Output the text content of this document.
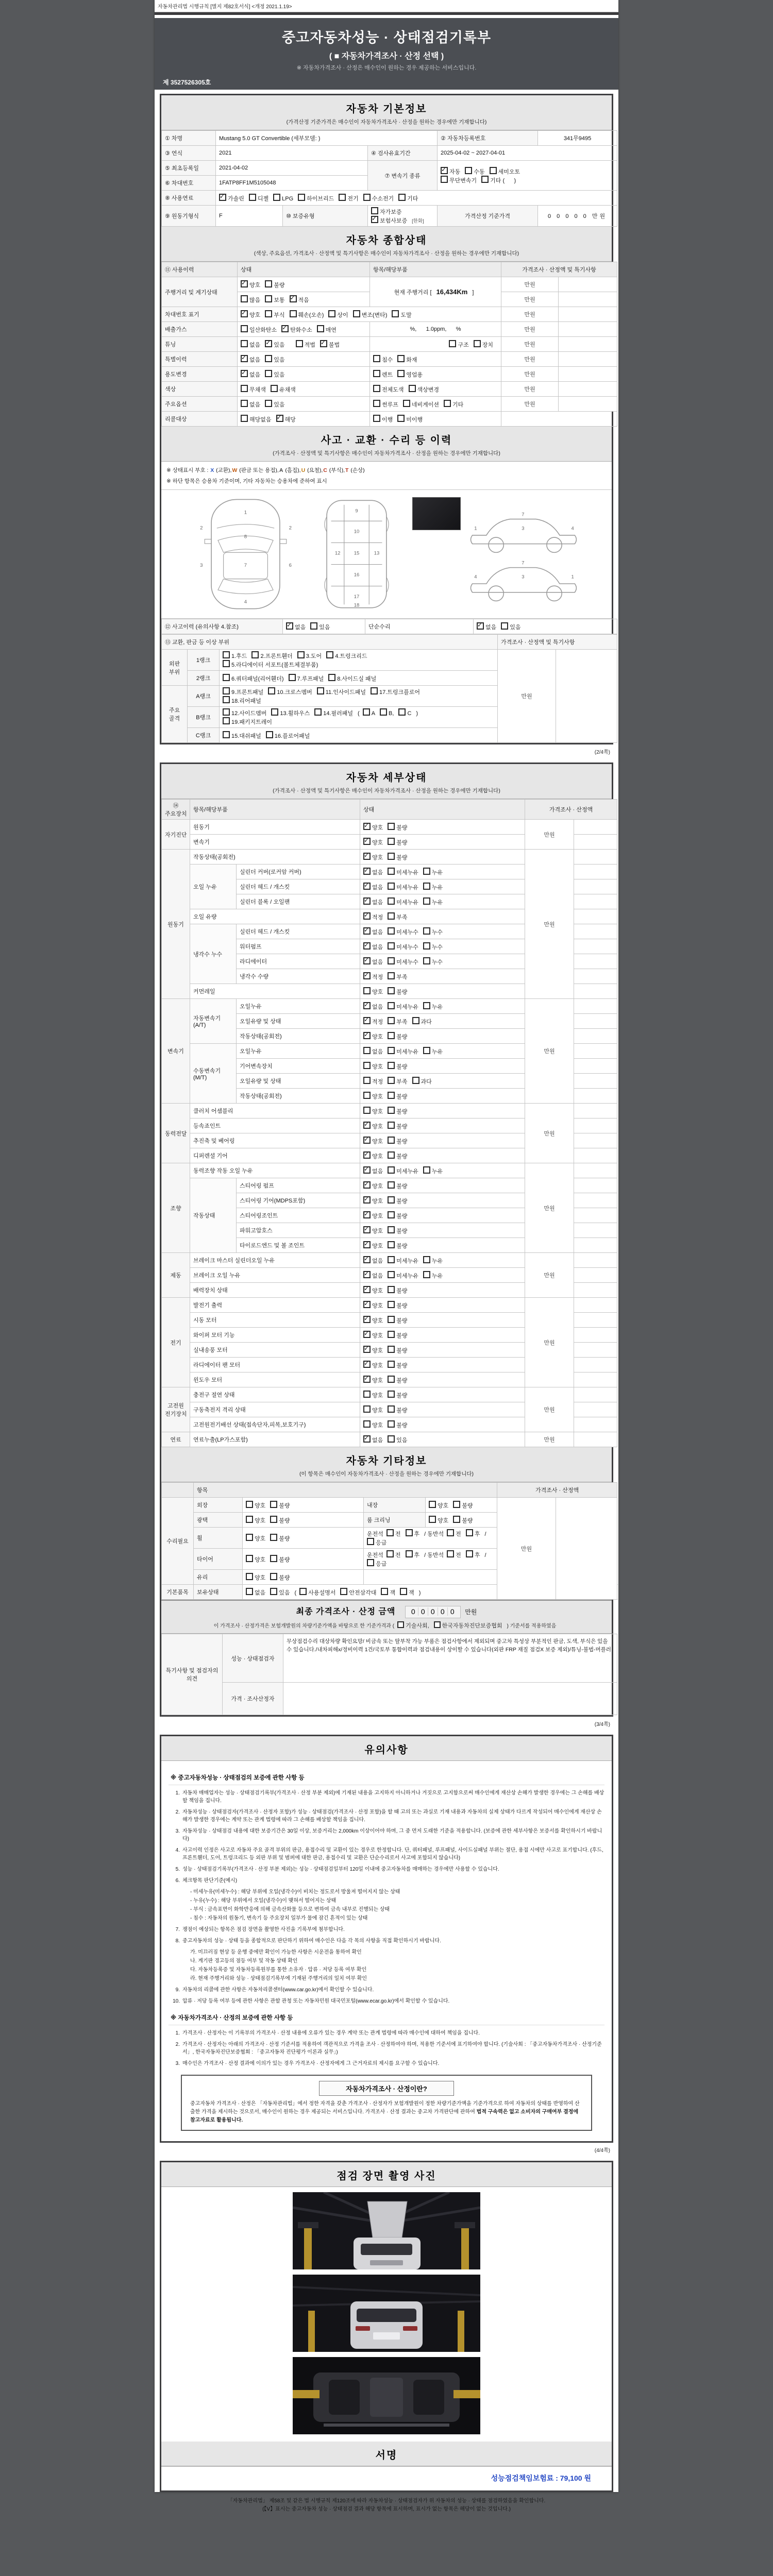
자동차관리법 시행규칙 [별지 제82호서식] <개정 2021.1.19>
중고자동차성능 · 상태점검기록부
( ■ 자동차가격조사 · 산정 선택 )
※ 자동차가격조사 · 산정은 매수인이 원하는 경우 제공하는 서비스입니다.
제 3527526305호
자동차 기본정보
(가격산정 기준가격은 매수인이 자동차가격조사 · 산정을 원하는 경우에만 기재합니다)
① 차명	Mustang 5.0 GT Convertible (세부모델: )			② 자동차등록번호	341무9495
③ 연식	2021		④ 검사유효기간	2025-04-02 ~ 2027-04-01	
⑤ 최초등록일	2021-04-02		⑦ 변속기 종류	✓자동 수동 세미오토
무단변속기 기타 (      )
⑥ 차대번호	1FATP8FF1M5105048				
⑧ 사용연료	✓가솔린 디젤 LPG 하이브리드 전기 수소전기 기타
⑨ 원동기형식	F	⑩ 보증유형	자가보증✓보험사보증 [한화]	가격산정 기준가격	0 0 0 0 0 만원
자동차 종합상태
(색상, 주요옵션, 가격조사 · 산정액 및 특기사항은 매수인이 자동차가격조사 · 산정을 원하는 경우에만 기재합니다)
⑪ 사용이력	상태	항목/해당부품	가격조사 · 산정액 및 특기사항	
주행거리 및 계기상태	✓양호 불량	현재 주행거리 [ 16,434Km ]	만원	
	많음 보통 ✓ 적음		만원	
차대번호 표기	✓양호 부식 훼손(오손) 상이 변조(변타) 도말		만원	
배출가스	일산화탄소 ✓ 탄화수소 매연	%,      1.0ppm,      %	만원	
튜닝	없음 ✓ 있음 적법 ✓ 불법	구조 장치	만원	
특별이력	✓없음 있음	침수 화재	만원	
용도변경	✓없음 있음	렌트 영업용	만원	
색상	무채색 유채색	전체도색 색상변경	만원	
주요옵션	없음 있음	썬루프 네비게이션 기타	만원	
리콜대상	해당없음 ✓ 해당	이행 미이행		
사고 · 교환 · 수리 등 이력
(가격조사 · 산정액 및 특기사항은 매수인이 자동차가격조사 · 산정을 원하는 경우에만 기재합니다)
※ 상태표시 부호 : X (교환),W (판금 또는 용접),A (흠집),U (요철),C (부식),T (손상)
※ 하단 항목은 승용차 기준이며, 기타 자동차는 승용차에 준하여 표시
1
7
4
2
3
2
6
8
9
10
15
16
17
12	13
18
7
3
1	4
7
3
4	1
⑫ 사고이력 (유의사항 4.참조)	✓없음 있음	단순수리	✓없음 있음
⑬ 교환, 판금 등 이상 부위			가격조사 · 산정액 및 특기사항	
외판 부위	1랭크	1.후드 2.프론트휀더 3.도어 4.트렁크리드
5.라디에이터 서포트(볼트체결부품)	만원	
	2랭크	6.쿼터패널(리어휀더) 7.루프패널 8.사이드실 패널		
주요 골격	A랭크	9.프론트패널 10.크로스멤버 11.인사이드패널 17.트렁크플로어
18.리어패널		
	B랭크	12.사이드멤버 13.휠하우스 14.필러패널 ( A B, C )
19.패키지트레이		
	C랭크	15.대쉬패널 16.플로어패널		
(2/4쪽)
자동차 세부상태
(가격조사 · 산정액 및 특기사항은 매수인이 자동차가격조사 · 산정을 원하는 경우에만 기재합니다)
⑭ 주요장치	항목/해당부품		상태	가격조사 · 산정액	
자기진단	원동기	✓양호 불량	만원	
	변속기	✓양호 불량	
원동기	작동상태(공회전)	✓양호 불량	만원	
	오일 누유	실린더 커버(로커암 커버)	✓없음 미세누유 누유	
		실린더 헤드 / 개스킷	✓없음 미세누유 누유	
		실린더 블록 / 오일팬	✓없음 미세누유 누유	
	오일 유량	✓적정 부족	
	냉각수 누수	실린더 헤드 / 개스킷	✓없음 미세누수 누수	
		워터펌프	✓없음 미세누수 누수	
		라디에이터	✓없음 미세누수 누수	
		냉각수 수량	✓적정 부족	
	커먼레일		양호 불량		
변속기	자동변속기 (A/T)	오일누유	✓없음 미세누유 누유	만원	
		오일유량 및 상태	✓적정 부족 과다	
		작동상태(공회전)	✓양호 불량	
	수동변속기 (M/T)	오일누유	없음 미세누유 누유		
		기어변속장치	양호 불량		
		오일유량 및 상태	적정 부족 과다		
		작동상태(공회전)	양호 불량		
동력전달	클러치 어셈블리		양호 불량	만원	
	등속죠인트	✓양호 불량	
	추진축 및 베어링	✓양호 불량	
	디퍼렌셜 기어	✓양호 불량	
조향	동력조향 작동 오일 누유	✓없음 미세누유 누유	만원	
	작동상태	스티어링 펌프	✓양호 불량	
		스티어링 기어(MDPS포함)	✓양호 불량	
		스티어링조인트	✓양호 불량	
		파워고압호스	✓양호 불량	
		타이로드엔드 및 볼 조인트	✓양호 불량	
제동	브레이크 마스터 실린더오일 누유	✓없음 미세누유 누유	만원	
	브레이크 오일 누유	✓없음 미세누유 누유	
	배력장치 상태	✓양호 불량	
전기	발전기 출력	✓양호 불량	만원	
	시동 모터	✓양호 불량	
	와이퍼 모터 기능	✓양호 불량	
	실내송풍 모터	✓양호 불량	
	라디에이터 팬 모터	✓양호 불량	
	윈도우 모터	✓양호 불량	
고전원 전기장치	충전구 절연 상태		양호 불량	만원	
	구동축전지 격리 상태		양호 불량		
	고전원전기배선 상태(접속단자,피복,보호기구)		양호 불량		
연료	연료누출(LP가스포함)	✓없음 있음	만원	
자동차 기타정보
(이 항목은 매수인이 자동차가격조사 · 산정을 원하는 경우에만 기재합니다)
	항목				가격조사 · 산정액		
수리필요	외장	양호 불량	내장	양호 불량	만원		
	광택	양호 불량	룸 크리닝	양호 불량			
	휠	양호 불량	운전석 전 후 / 동반석 전 후 /응급				
	타이어	양호 불량	운전석 전 후 / 동반석 전 후 /응급				
	유리	양호 불량					
기본품목	보유상태	없음 있음 ( 사용설명서 안전삼각대 잭 잭 )					
최종 가격조사 · 산정 금액 0 0 0 0 0 만원
이 가격조사 · 산정가격은 보험개발원의 차량기준가액을 바탕으로 한 기준가격과 ( 기술사회, 한국자동차진단보증협회 ) 기준서를 적용하였음
특기사항 및 점검자의 의견	성능 · 상태점검자	무상점검수리 대상차량 확인요망/ 비금속 또는 탈부착 가능 부품은 점검사항에서 제외되며 중고차 특성상 부분적인 판금, 도색, 부식은 있을 수 있습니다./내차피해x/정비이력 1건/국토부 통합이력과 점검내용이 상이할 수 있습니다(외판 FRP 재질 점검X 보증 제외)/튜닝-불법-머플러
	가격 · 조사산정자	
(3/4쪽)
유의사항
※ 중고자동차성능 · 상태점검의 보증에 관한 사항 등
1. 자동차 매매업자는 성능 · 상태점검기록부(가격조사 · 산정 부분 제외)에 기재된 내용을 고지하지 아니하거나 거짓으로 고지함으로써 매수인에게 재산상 손해가 발생한 경우에는 그 손해를 배상할 책임을 집니다.
2. 자동차성능 · 상태점검자(가격조사 · 산정자 포함)가 성능 · 상태점검(가격조사 · 산정 포함)을 할 때 고의 또는 과실로 기재 내용과 자동차의 실제 상태가 다르게 작성되어 매수인에게 재산상 손해가 발생한 경우에는 계약 또는 관계 법령에 따라 그 손해를 배상할 책임을 집니다.
3. 자동차성능 · 상태점검 내용에 대한 보증기간은 30일 이상, 보증거리는 2,000km 이상이어야 하며, 그 중 먼저 도래한 기준을 적용합니다. (보증에 관한 세부사항은 보증서를 확인하시기 바랍니다)
4. 사고이력 인정은 사고로 자동차 주요 골격 부위의 판금, 용접수리 및 교환이 있는 경우로 한정합니다. 단, 쿼터패널, 루프패널, 사이드실패널 부위는 절단, 용접 시에만 사고로 표기합니다. (후드, 프론트휀더, 도어, 트렁크리드 등 외판 부위 및 범퍼에 대한 판금, 용접수리 및 교환은 단순수리로서 사고에 포함되지 않습니다)
5. 성능 · 상태점검기록부(가격조사 · 산정 부분 제외)는 성능 · 상태점검일부터 120일 이내에 중고자동차를 매매하는 경우에만 사용할 수 있습니다.
6. 체크항목 판단기준(예시)
- 미세누유(미세누수) : 해당 부위에 오일(냉각수)이 비치는 정도로서 방울져 떨어지지 않는 상태
- 누유(누수) : 해당 부위에서 오일(냉각수)이 맺혀서 떨어지는 상태
- 부식 : 금속표면이 화학반응에 의해 금속산화물 등으로 변하여 금속 내부로 진행되는 상태
- 침수 : 자동차의 원동기, 변속기 등 주요장치 일부가 물에 잠긴 흔적이 있는 상태
7. 쟁점이 예상되는 항목은 점검 장면을 촬영한 사진을 기록부에 첨부합니다.
8. 중고자동차의 성능 · 상태 등을 종합적으로 판단하기 위하여 매수인은 다음 각 목의 사항을 직접 확인하시기 바랍니다.
가. 미끄러짐 현상 등 운행 중에만 확인이 가능한 사항은 시운전을 통하여 확인
나. 계기판 경고등의 점등 여부 및 작동 상태 확인
다. 자동차등록증 및 자동차등록원부를 통한 소유자 · 압류 · 저당 등록 여부 확인
라. 현재 주행거리와 성능 · 상태점검기록부에 기재된 주행거리의 일치 여부 확인
9. 자동차의 리콜에 관한 사항은 자동차리콜센터(www.car.go.kr)에서 확인할 수 있습니다.
10. 압류 · 저당 등록 여부 등에 관한 사항은 관할 관청 또는 자동차민원 대국민포털(www.ecar.go.kr)에서 확인할 수 있습니다.
※ 자동차가격조사 · 산정의 보증에 관한 사항 등
1. 가격조사 · 산정자는 이 기록부의 가격조사 · 산정 내용에 오류가 있는 경우 계약 또는 관계 법령에 따라 매수인에 대하여 책임을 집니다.
2. 가격조사 · 산정자는 아래의 가격조사 · 산정 기준서를 적용하여 객관적으로 가격을 조사 · 산정하여야 하며, 적용한 기준서에 표기하여야 합니다. (기술사회 : 「중고자동차가격조사 · 산정기준서」, 한국자동차진단보증협회 : 「중고자동차 진단평가 이론과 실무」)
3. 매수인은 가격조사 · 산정 결과에 이의가 있는 경우 가격조사 · 산정자에게 그 근거자료의 제시를 요구할 수 있습니다.
자동차가격조사 · 산정이란?
중고자동차 가격조사 · 산정은 「자동차관리법」에서 정한 자격을 갖춘 가격조사 · 산정자가 보험개발원이 정한 차량기준가액을 기준가격으로 하여 자동차의 상태를 반영하여 산출한 가격을 제시하는 것으로서, 매수인이 원하는 경우 제공되는 서비스입니다. 가격조사 · 산정 결과는 중고차 가격판단에 관하여 법적 구속력은 없고 소비자의 구매여부 결정에 참고자료로 활용됩니다.
(4/4쪽)
점검 장면 촬영 사진
서명
성능점검책임보험료 : 79,100 원
「자동차관리법」 제58조 및 같은 법 시행규칙 제120조에 따라 자동차성능 · 상태점검자가 위 자동차의 성능 · 상태를 점검하였음을 확인합니다.
(【V】표시는 중고자동차 성능 · 상태점검 결과 해당 항목에 표시하며, 표시가 없는 항목은 해당이 없는 것입니다.)
